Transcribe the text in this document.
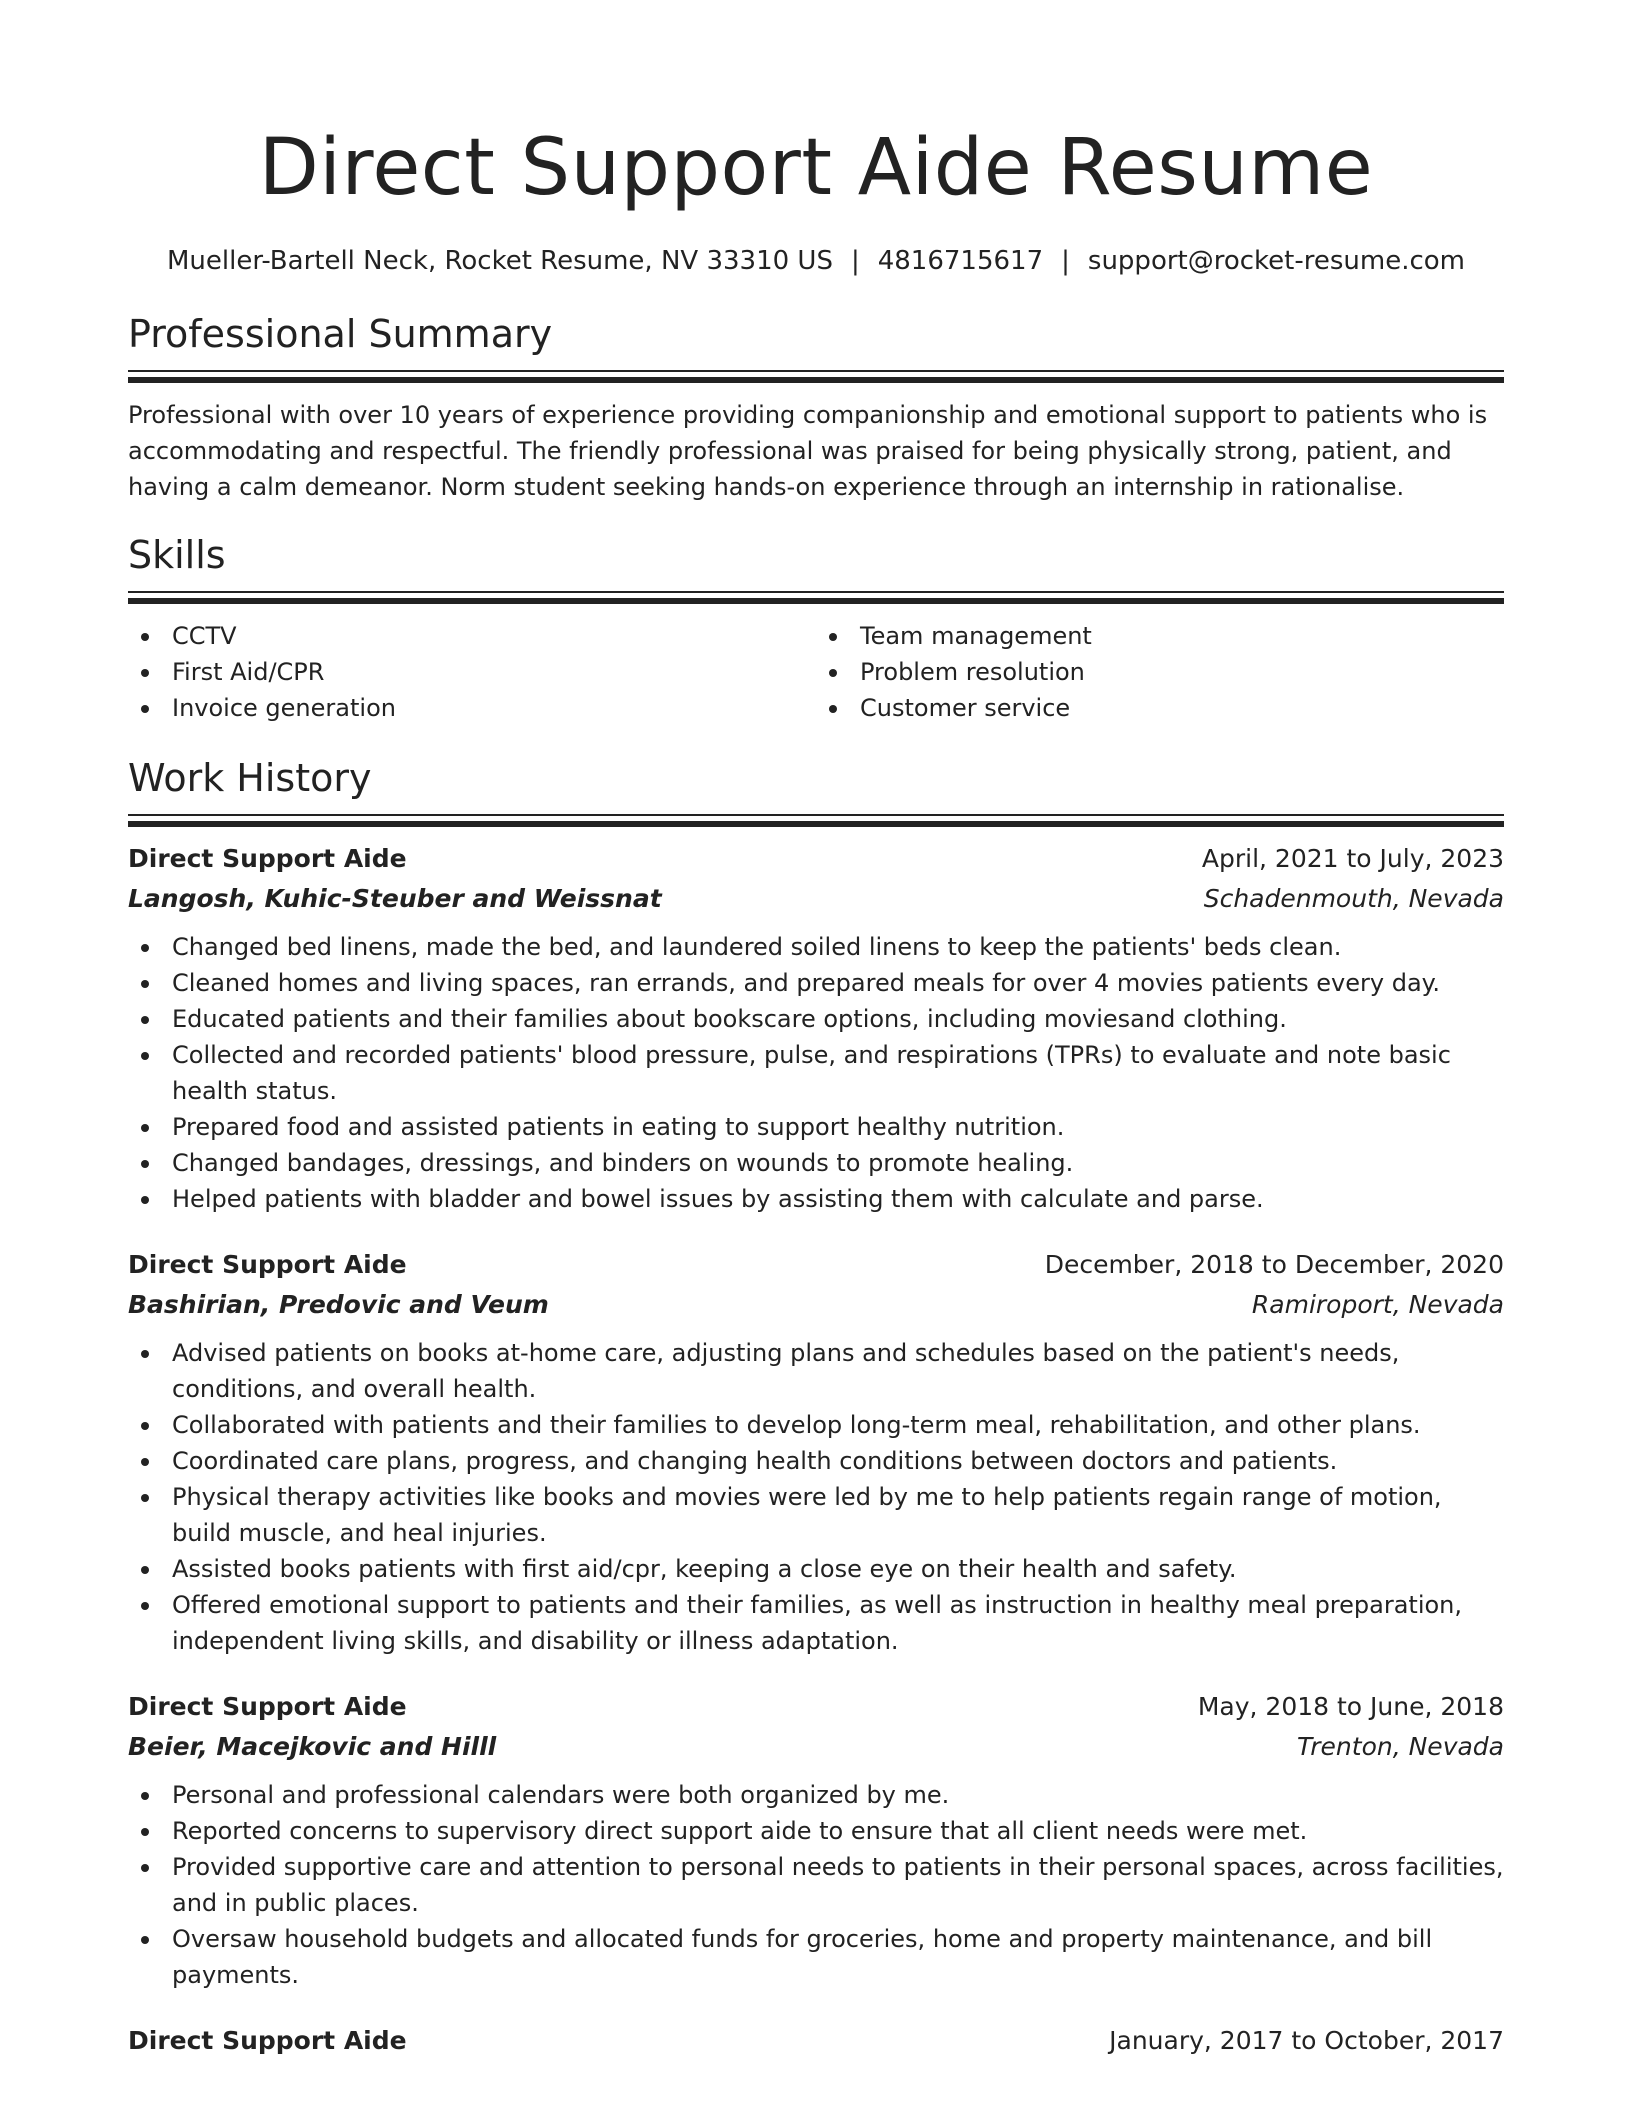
Direct Support Aide Resume
Mueller-Bartell Neck, Rocket Resume, NV 33310 US | 4816715617 | support@rocket-resume.com
Professional Summary
Professional with over 10 years of experience providing companionship and emotional support to patients who is accommodating and respectful. The friendly professional was praised for being physically strong, patient, and having a calm demeanor. Norm student seeking hands-on experience through an internship in rationalise.
Skills
CCTV
First Aid/CPR
Invoice generation
Team management
Problem resolution
Customer service
Work History
Direct Support Aide	April, 2021 to July, 2023
Langosh, Kuhic-Steuber and Weissnat	Schadenmouth, Nevada
Changed bed linens, made the bed, and laundered soiled linens to keep the patients' beds clean.
Cleaned homes and living spaces, ran errands, and prepared meals for over 4 movies patients every day.
Educated patients and their families about bookscare options, including moviesand clothing.
Collected and recorded patients' blood pressure, pulse, and respirations (TPRs) to evaluate and note basic health status.
Prepared food and assisted patients in eating to support healthy nutrition.
Changed bandages, dressings, and binders on wounds to promote healing.
Helped patients with bladder and bowel issues by assisting them with calculate and parse.
Direct Support Aide	December, 2018 to December, 2020
Bashirian, Predovic and Veum	Ramiroport, Nevada
Advised patients on books at-home care, adjusting plans and schedules based on the patient's needs, conditions, and overall health.
Collaborated with patients and their families to develop long-term meal, rehabilitation, and other plans.
Coordinated care plans, progress, and changing health conditions between doctors and patients.
Physical therapy activities like books and movies were led by me to help patients regain range of motion, build muscle, and heal injuries.
Assisted books patients with first aid/cpr, keeping a close eye on their health and safety.
Offered emotional support to patients and their families, as well as instruction in healthy meal preparation, independent living skills, and disability or illness adaptation.
Direct Support Aide	May, 2018 to June, 2018
Beier, Macejkovic and Hilll	Trenton, Nevada
Personal and professional calendars were both organized by me.
Reported concerns to supervisory direct support aide to ensure that all client needs were met.
Provided supportive care and attention to personal needs to patients in their personal spaces, across facilities, and in public places.
Oversaw household budgets and allocated funds for groceries, home and property maintenance, and bill payments.
Direct Support Aide	January, 2017 to October, 2017
